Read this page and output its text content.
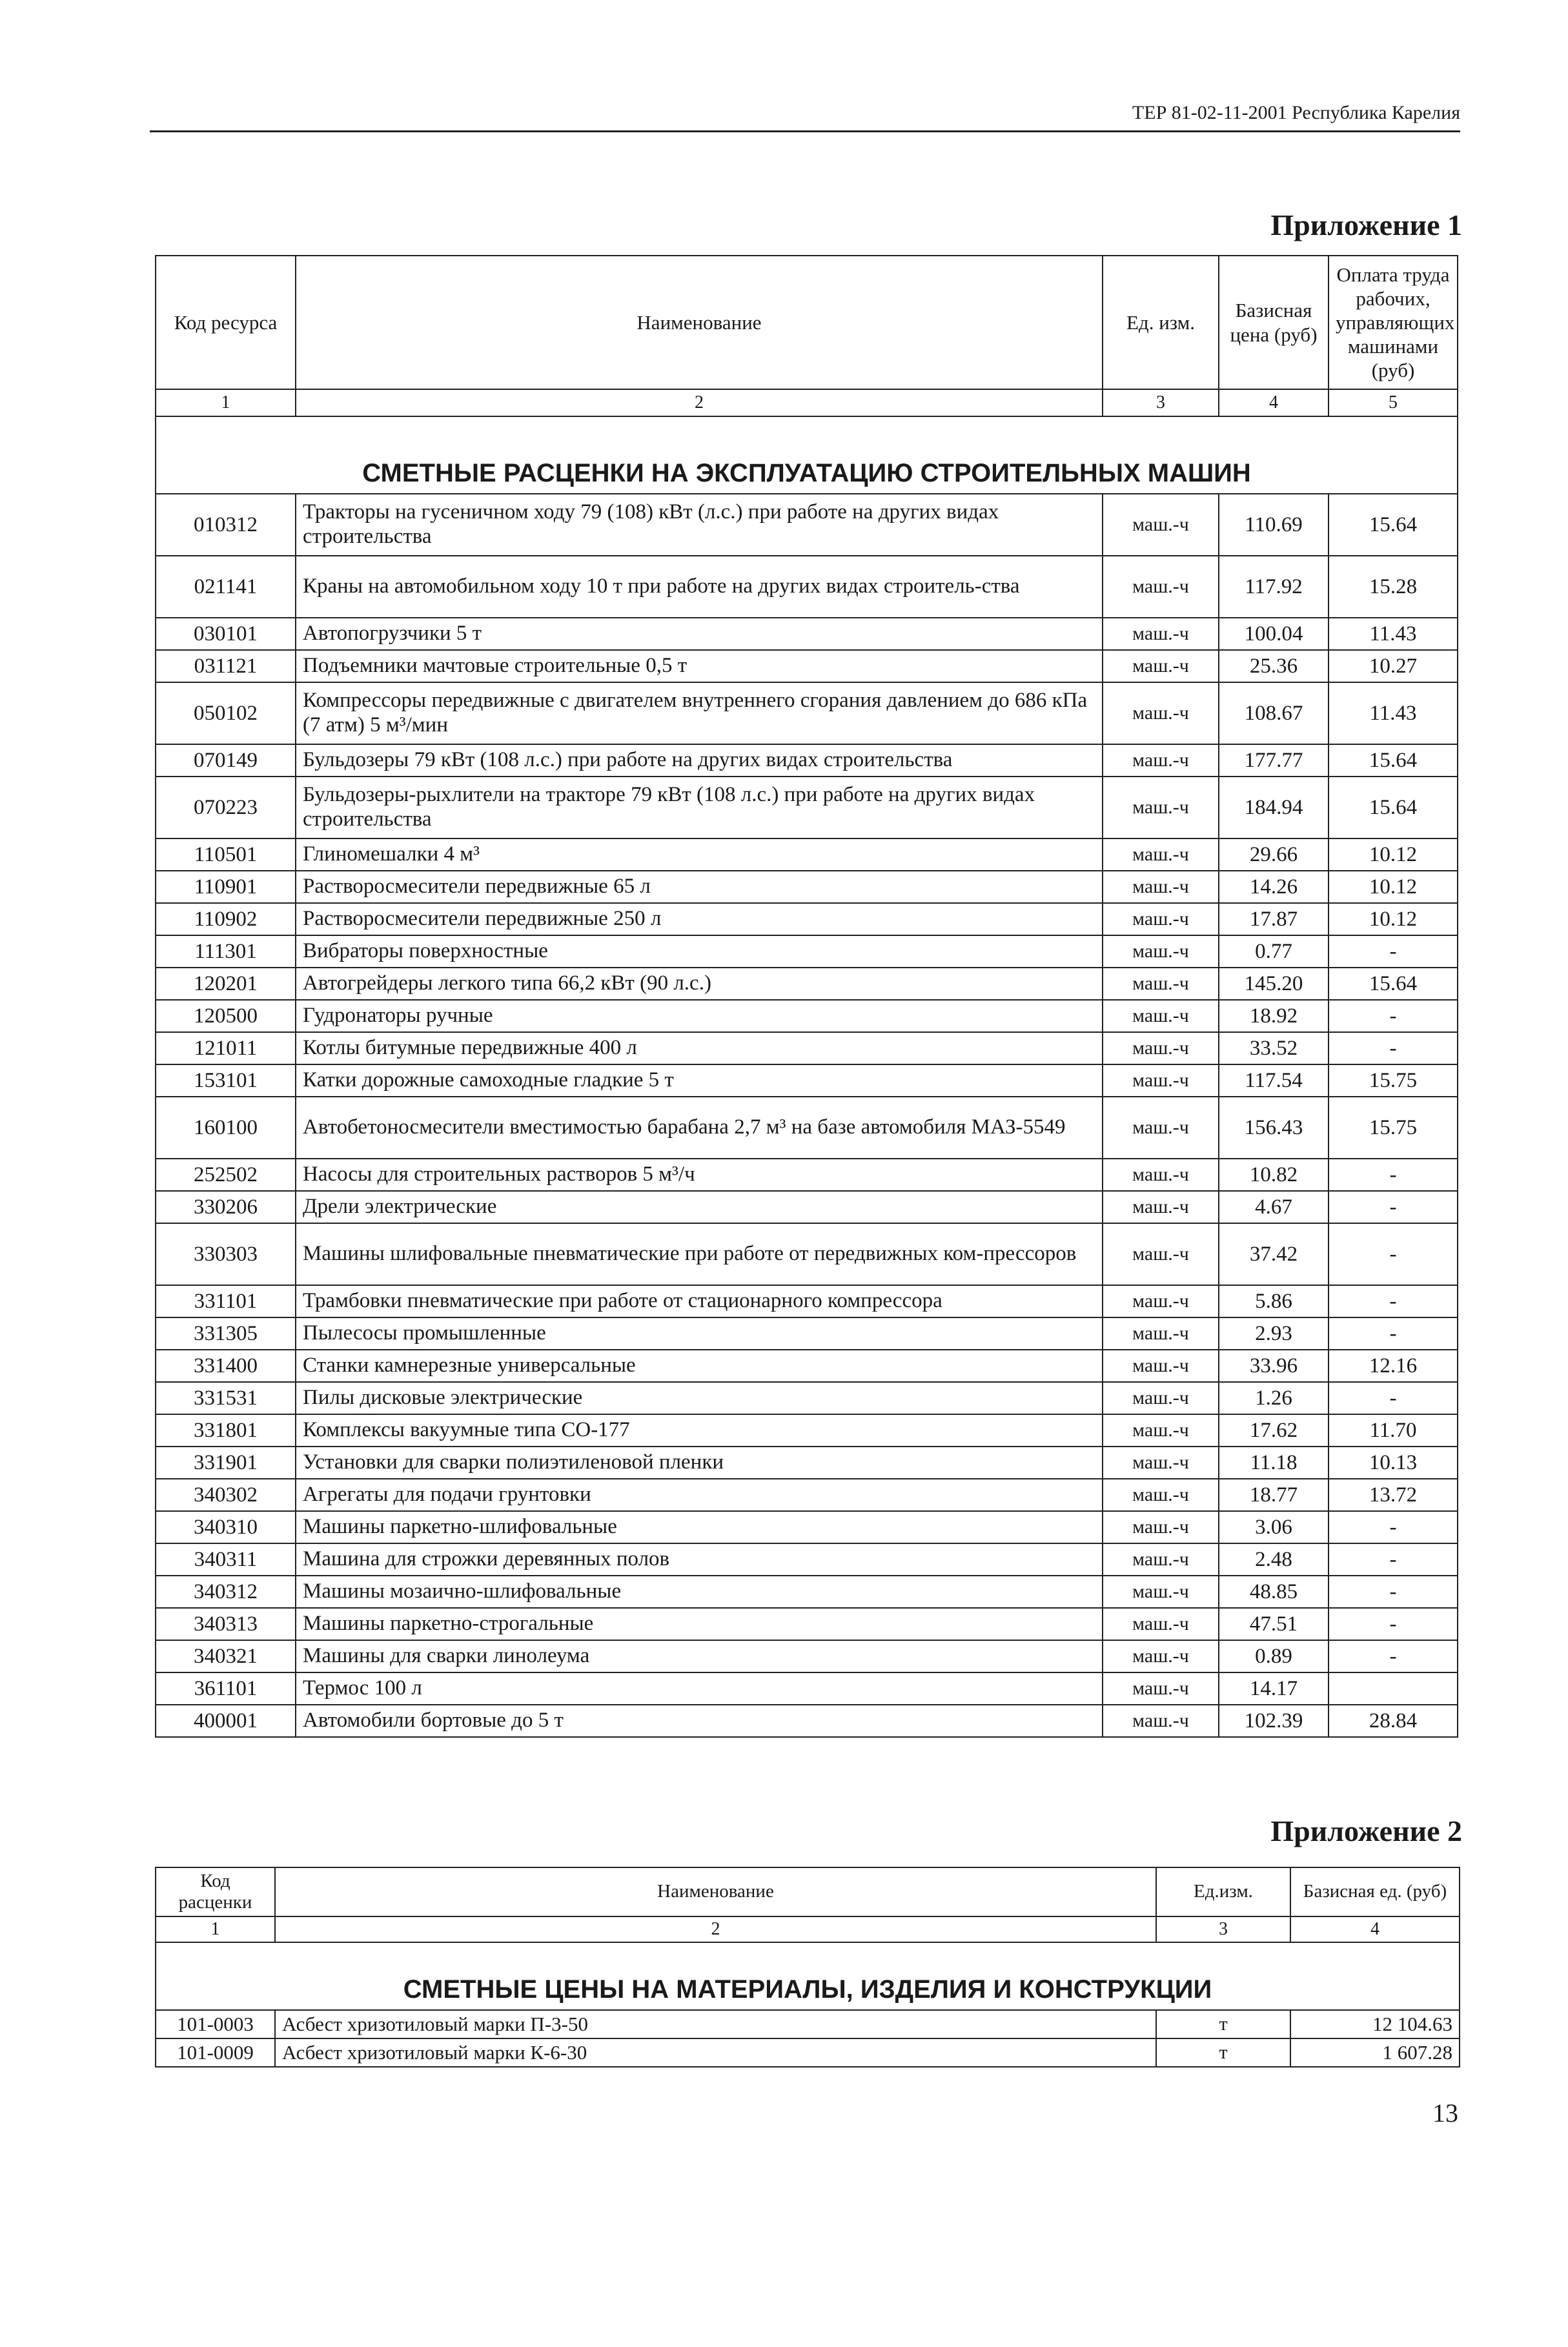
ТЕР 81-02-11-2001 Республика Карелия
Приложение 1
Код ресурса	Наименование	Ед. изм.	Базисная цена (руб)	Оплата труда рабочих, управляющих машинами (руб)
1	2	3	4	5
СМЕТНЫЕ РАСЦЕНКИ НА ЭКСПЛУАТАЦИЮ СТРОИТЕЛЬНЫХ МАШИН				
010312	Тракторы на гусеничном ходу 79 (108) кВт (л.с.) при работе на других видах строительства	маш.-ч	110.69	15.64
021141	Краны на автомобильном ходу 10 т при работе на других видах строитель-ства	маш.-ч	117.92	15.28
030101	Автопогрузчики 5 т	маш.-ч	100.04	11.43
031121	Подъемники мачтовые строительные 0,5 т	маш.-ч	25.36	10.27
050102	Компрессоры передвижные с двигателем внутреннего сгорания давлением до 686 кПа (7 атм) 5 м³/мин	маш.-ч	108.67	11.43
070149	Бульдозеры 79 кВт (108 л.с.) при работе на других видах строительства	маш.-ч	177.77	15.64
070223	Бульдозеры-рыхлители на тракторе 79 кВт (108 л.с.) при работе на других видах строительства	маш.-ч	184.94	15.64
110501	Глиномешалки 4 м³	маш.-ч	29.66	10.12
110901	Растворосмесители передвижные 65 л	маш.-ч	14.26	10.12
110902	Растворосмесители передвижные 250 л	маш.-ч	17.87	10.12
111301	Вибраторы поверхностные	маш.-ч	0.77	-
120201	Автогрейдеры легкого типа 66,2 кВт (90 л.с.)	маш.-ч	145.20	15.64
120500	Гудронаторы ручные	маш.-ч	18.92	-
121011	Котлы битумные передвижные 400 л	маш.-ч	33.52	-
153101	Катки дорожные самоходные гладкие 5 т	маш.-ч	117.54	15.75
160100	Автобетоносмесители вместимостью барабана 2,7 м³ на базе автомобиля МАЗ-5549	маш.-ч	156.43	15.75
252502	Насосы для строительных растворов 5 м³/ч	маш.-ч	10.82	-
330206	Дрели электрические	маш.-ч	4.67	-
330303	Машины шлифовальные пневматические при работе от передвижных ком-прессоров	маш.-ч	37.42	-
331101	Трамбовки пневматические при работе от стационарного компрессора	маш.-ч	5.86	-
331305	Пылесосы промышленные	маш.-ч	2.93	-
331400	Станки камнерезные универсальные	маш.-ч	33.96	12.16
331531	Пилы дисковые электрические	маш.-ч	1.26	-
331801	Комплексы вакуумные типа СО-177	маш.-ч	17.62	11.70
331901	Установки для сварки полиэтиленовой пленки	маш.-ч	11.18	10.13
340302	Агрегаты для подачи грунтовки	маш.-ч	18.77	13.72
340310	Машины паркетно-шлифовальные	маш.-ч	3.06	-
340311	Машина для строжки деревянных полов	маш.-ч	2.48	-
340312	Машины мозаично-шлифовальные	маш.-ч	48.85	-
340313	Машины паркетно-строгальные	маш.-ч	47.51	-
340321	Машины для сварки линолеума	маш.-ч	0.89	-
361101	Термос 100 л	маш.-ч	14.17	
400001	Автомобили бортовые до 5 т	маш.-ч	102.39	28.84
Приложение 2
Код расценки	Наименование	Ед.изм.	Базисная ед. (руб)
1	2	3	4
СМЕТНЫЕ ЦЕНЫ НА МАТЕРИАЛЫ, ИЗДЕЛИЯ И КОНСТРУКЦИИ			
101-0003	Асбест хризотиловый марки П-3-50	т	12 104.63
101-0009	Асбест хризотиловый марки К-6-30	т	1 607.28
13
